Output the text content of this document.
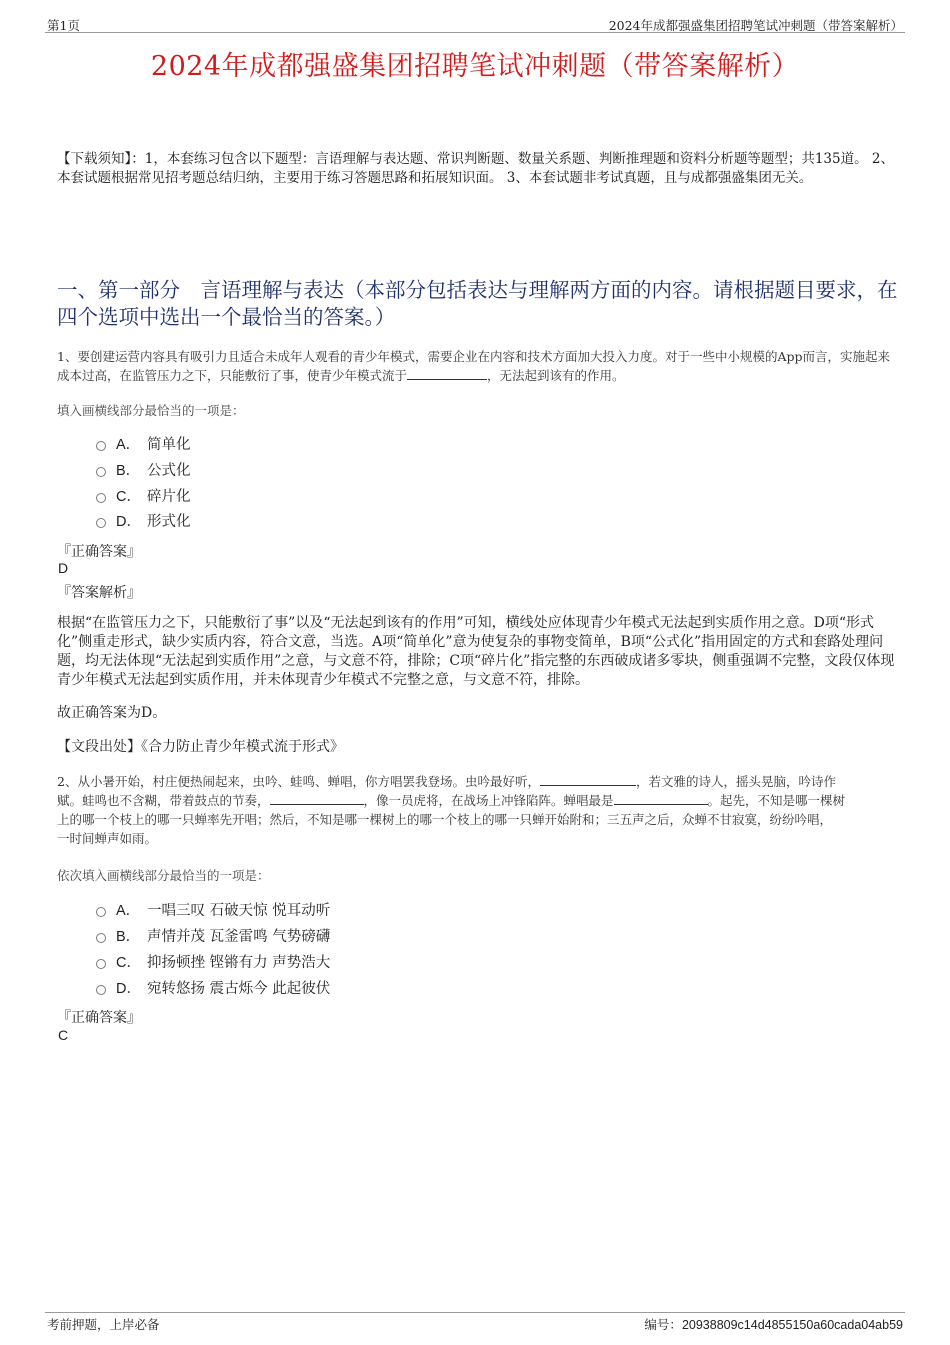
第1页	2024年成都强盛集团招聘笔试冲刺题（带答案解析）
2024年成都强盛集团招聘笔试冲刺题（带答案解析）
【下载须知】：1，本套练习包含以下题型：言语理解与表达题、常识判断题、数量关系题、判断推理题和资料分析题等题型；共135道。 2、本套试题根据常见招考题总结归纳，主要用于练习答题思路和拓展知识面。 3、本套试题非考试真题，且与成都强盛集团无关。
一、第一部分　言语理解与表达（本部分包括表达与理解两方面的内容。请根据题目要求，在四个选项中选出一个最恰当的答案。）
1、要创建运营内容具有吸引力且适合未成年人观看的青少年模式，需要企业在内容和技术方面加大投入力度。对于一些中小规模的App而言，实施起来成本过高，在监管压力之下，只能敷衍了事，使青少年模式流于	，无法起到该有的作用。
填入画横线部分最恰当的一项是：
A． 简单化
B． 公式化
C． 碎片化
D． 形式化
『正确答案』
D
『答案解析』
根据“在监管压力之下，只能敷衍了事”以及“无法起到该有的作用”可知，横线处应体现青少年模式无法起到实质作用之意。D项“形式化”侧重走形式，缺少实质内容，符合文意，当选。A项“简单化”意为使复杂的事物变简单，B项“公式化”指用固定的方式和套路处理问题，均无法体现“无法起到实质作用”之意，与文意不符，排除；C项“碎片化”指完整的东西破成诸多零块，侧重强调不完整，文段仅体现青少年模式无法起到实质作用，并未体现青少年模式不完整之意，与文意不符，排除。
故正确答案为D。
【文段出处】《合力防止青少年模式流于形式》
2、从小暑开始，村庄便热闹起来，虫吟、蛙鸣、蝉唱，你方唱罢我登场。虫吟最好听，	，若文雅的诗人，摇头晃脑，吟诗作
赋。蛙鸣也不含糊，带着鼓点的节奏，	，像一员虎将，在战场上冲锋陷阵。蝉唱最是	。起先，不知是哪一棵树
上的哪一个枝上的哪一只蝉率先开唱；然后，不知是哪一棵树上的哪一个枝上的哪一只蝉开始附和；三五声之后，众蝉不甘寂寞，纷纷吟唱，
一时间蝉声如雨。
依次填入画横线部分最恰当的一项是：
A． 一唱三叹 石破天惊 悦耳动听
B． 声情并茂 瓦釜雷鸣 气势磅礴
C． 抑扬顿挫 铿锵有力 声势浩大
D． 宛转悠扬 震古烁今 此起彼伏
『正确答案』
C
考前押题，上岸必备	编号：20938809c14d4855150a60cada04ab59
